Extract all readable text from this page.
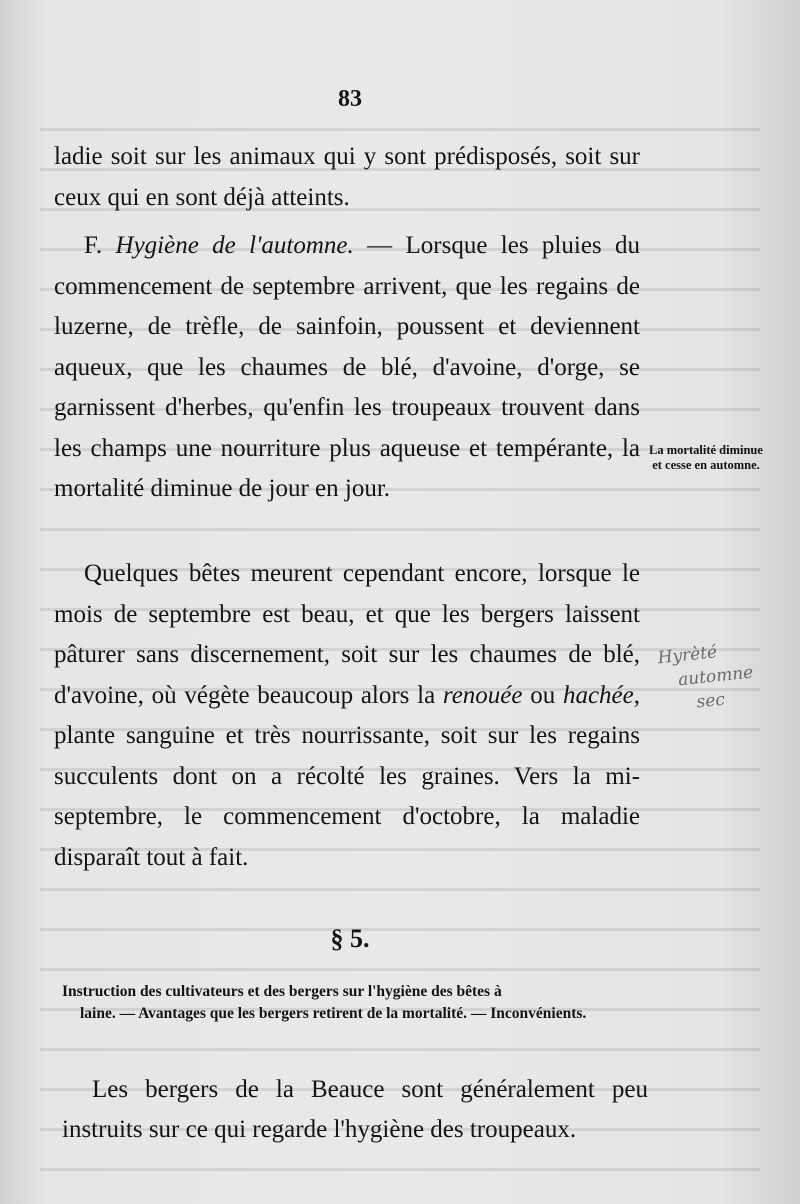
83

ladie soit sur les animaux qui y sont prédisposés, soit sur ceux qui en sont déjà atteints.

F. Hygiène de l'automne. — Lorsque les pluies du commencement de septembre arrivent, que les regains de luzerne, de trèfle, de sainfoin, poussent et deviennent aqueux, que les chaumes de blé, d'avoine, d'orge, se garnissent d'herbes, qu'enfin les troupeaux trouvent dans les champs une nourriture plus aqueuse et tempérante, la mortalité diminue de jour en jour.

Quelques bêtes meurent cependant encore, lorsque le mois de septembre est beau, et que les bergers laissent pâturer sans discernement, soit sur les chaumes de blé, d'avoine, où végète beaucoup alors la renouée ou hachée, plante sanguine et très nourrissante, soit sur les regains succulents dont on a récolté les graines. Vers la mi-septembre, le commencement d'octobre, la maladie disparaît tout à fait.

§ 5.
Instruction des cultivateurs et des bergers sur l'hygiène des bêtes à
laine. — Avantages que les bergers retirent de la mortalité. — Inconvénients.

Les bergers de la Beauce sont généralement peu instruits sur ce qui regarde l'hygiène des troupeaux.

La mortalité diminue et cesse en automne.
Hyrèté
automne
sec
